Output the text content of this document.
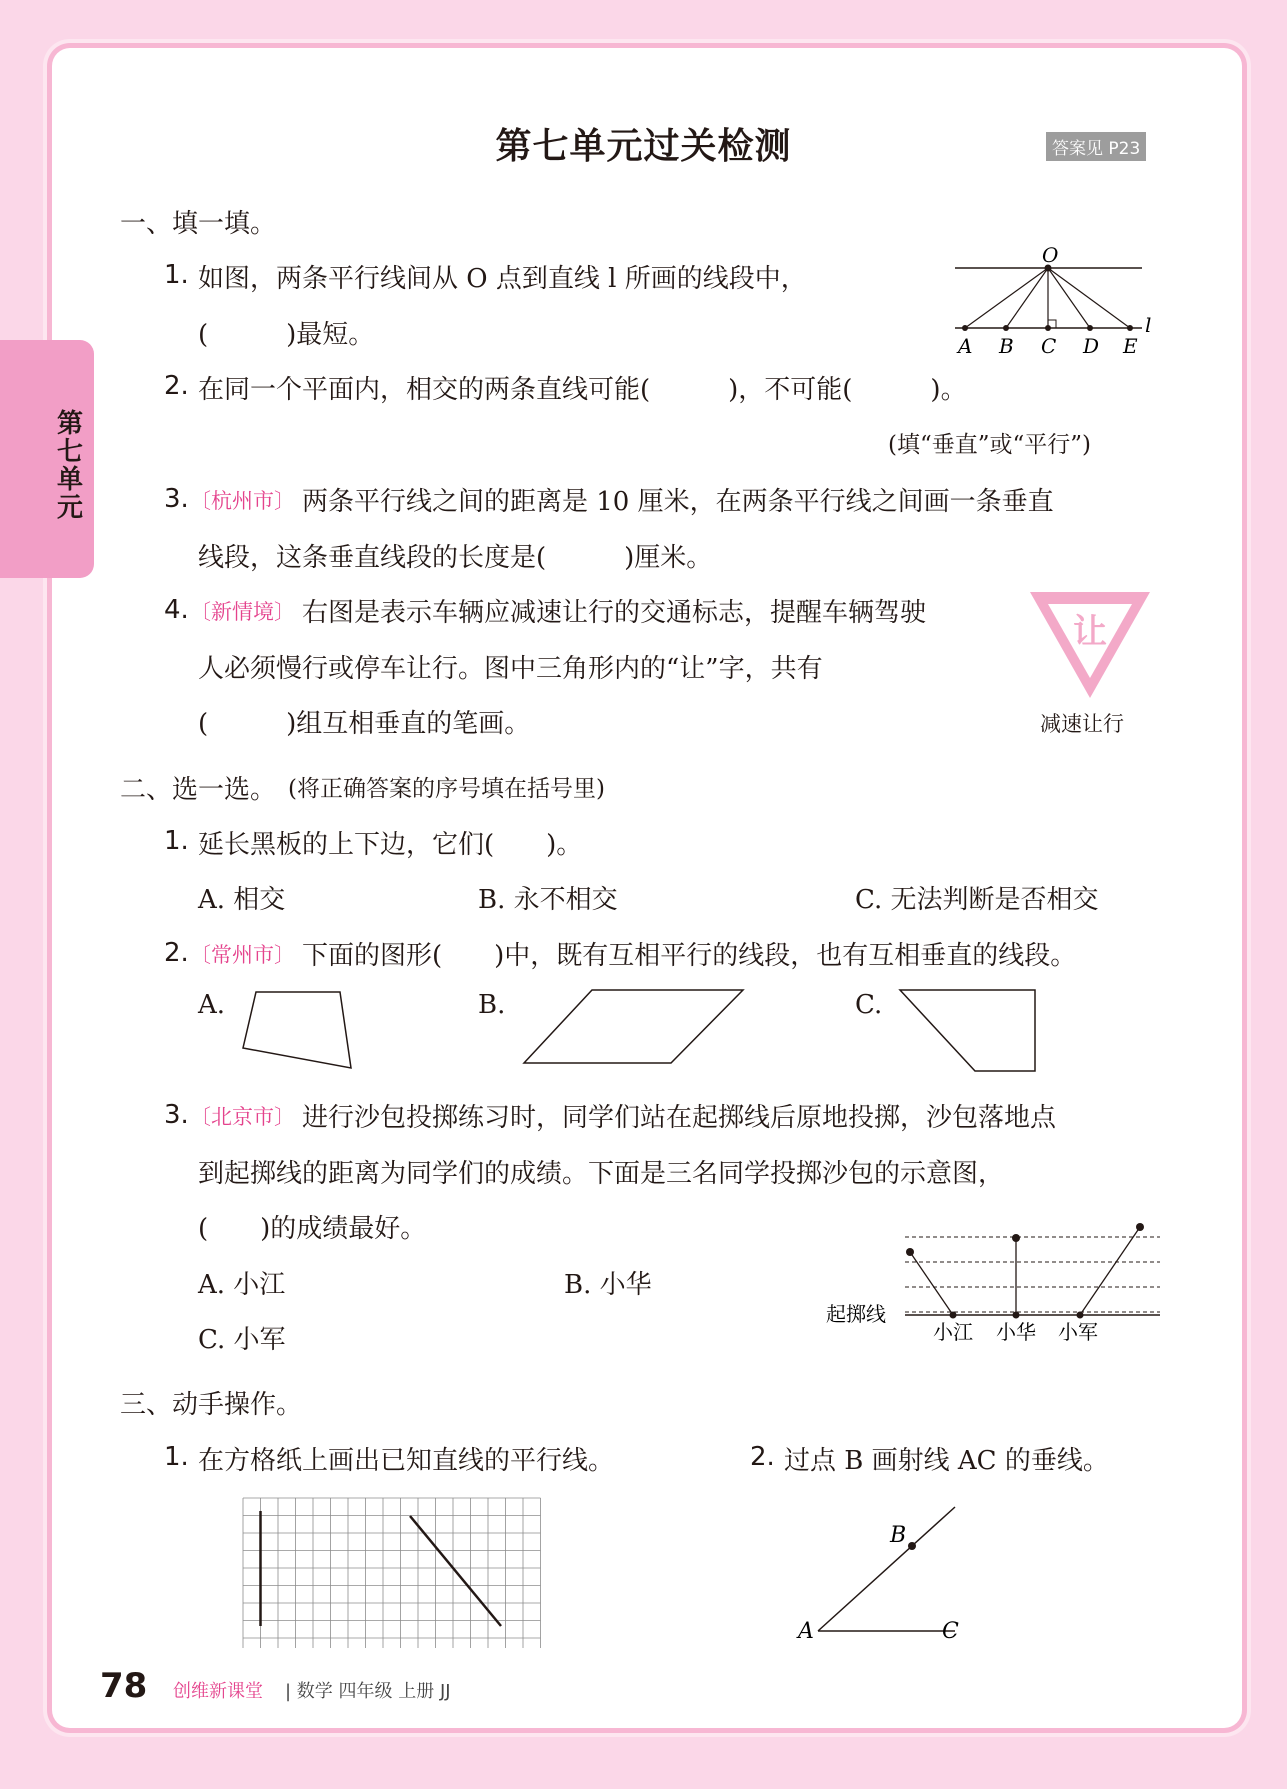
第七单元
第七单元过关检测	答案见 P23
一、填一填。
1. 如图，两条平行线间从 O 点到直线 l 所画的线段中，
(　　　)最短。
O
A B C D E
l
2. 在同一个平面内，相交的两条直线可能(　　　)，不可能(　　　)。
(填“垂直”或“平行”)
3. 〔杭州市〕 两条平行线之间的距离是 10 厘米，在两条平行线之间画一条垂直
线段，这条垂直线段的长度是(　　　)厘米。
4. 〔新情境〕 右图是表示车辆应减速让行的交通标志，提醒车辆驾驶
人必须慢行或停车让行。图中三角形内的“让”字，共有
(　　　)组互相垂直的笔画。
让
减速让行
二、选一选。 (将正确答案的序号填在括号里)
1. 延长黑板的上下边，它们(　　)。
A. 相交	B. 永不相交	C. 无法判断是否相交
2. 〔常州市〕 下面的图形(　　)中，既有互相平行的线段，也有互相垂直的线段。
A.	B.	C.
3. 〔北京市〕 进行沙包投掷练习时，同学们站在起掷线后原地投掷，沙包落地点
到起掷线的距离为同学们的成绩。下面是三名同学投掷沙包的示意图，
(　　)的成绩最好。
A. 小江	B. 小华
C. 小军
起掷线
小江 小华 小军
三、动手操作。
1. 在方格纸上画出已知直线的平行线。	2. 过点 B 画射线 AC 的垂线。
B
A	C
78 创维新课堂 | 数学 四年级 上册 JJ
